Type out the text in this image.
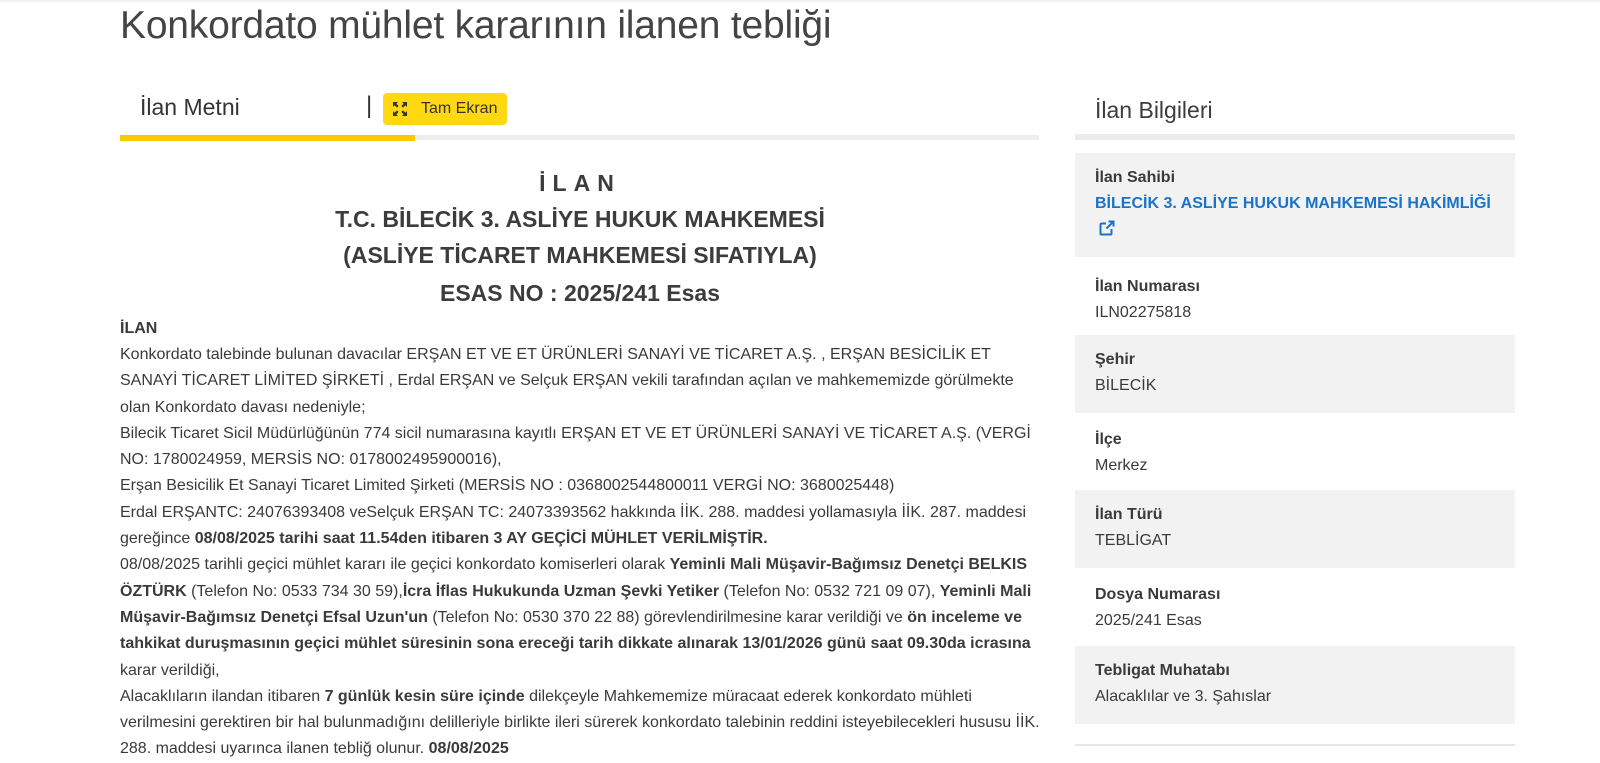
Konkordato mühlet kararının ilanen tebliği
İlan Metni	|	Tam Ekran

İLAN

T.C. BİLECİK 3. ASLİYE HUKUK MAHKEMESİ

(ASLİYE TİCARET MAHKEMESİ SIFATIYLA)

ESAS NO : 2025/241 Esas

İLAN

Konkordato talebinde bulunan davacılar ERŞAN ET VE ET ÜRÜNLERİ SANAYİ VE TİCARET A.Ş. , ERŞAN BESİCİLİK ET SANAYİ TİCARET LİMİTED ŞİRKETİ , Erdal ERŞAN ve Selçuk ERŞAN vekili tarafından açılan ve mahkememizde görülmekte olan Konkordato davası nedeniyle;
Bilecik Ticaret Sicil Müdürlüğünün 774 sicil numarasına kayıtlı ERŞAN ET VE ET ÜRÜNLERİ SANAYİ VE TİCARET A.Ş. (VERGİ NO: 1780024959, MERSİS NO: 0178002495900016),
Erşan Besicilik Et Sanayi Ticaret Limited Şirketi (MERSİS NO : 0368002544800011 VERGİ NO: 3680025448)
Erdal ERŞANTC: 24076393408 veSelçuk ERŞAN TC: 24073393562 hakkında İİK. 288. maddesi yollamasıyla İİK. 287. maddesi gereğince 08/08/2025 tarihi saat 11.54den itibaren 3 AY GEÇİCİ MÜHLET VERİLMİŞTİR.
08/08/2025 tarihli geçici mühlet kararı ile geçici konkordato komiserleri olarak Yeminli Mali Müşavir-Bağımsız Denetçi BELKIS ÖZTÜRK (Telefon No: 0533 734 30 59),İcra İflas Hukukunda Uzman Şevki Yetiker (Telefon No: 0532 721 09 07), Yeminli Mali Müşavir-Bağımsız Denetçi Efsal Uzun'un (Telefon No: 0530 370 22 88) görevlendirilmesine karar verildiği ve ön inceleme ve tahkikat duruşmasının geçici mühlet süresinin sona ereceği tarih dikkate alınarak 13/01/2026 günü saat 09.30da icrasına karar verildiği,
Alacaklıların ilandan itibaren 7 günlük kesin süre içinde dilekçeyle Mahkememize müracaat ederek konkordato mühleti verilmesini gerektiren bir hal bulunmadığını delilleriyle birlikte ileri sürerek konkordato talebinin reddini isteyebilecekleri hususu İİK. 288. maddesi uyarınca ilanen tebliğ olunur. 08/08/2025

İlan Bilgileri
İlan Sahibi
BİLECİK 3. ASLİYE HUKUK MAHKEMESİ HAKİMLİĞİ
İlan Numarası
ILN02275818
Şehir
BİLECİK
İlçe
Merkez
İlan Türü
TEBLİGAT
Dosya Numarası
2025/241 Esas
Tebligat Muhatabı
Alacaklılar ve 3. Şahıslar
